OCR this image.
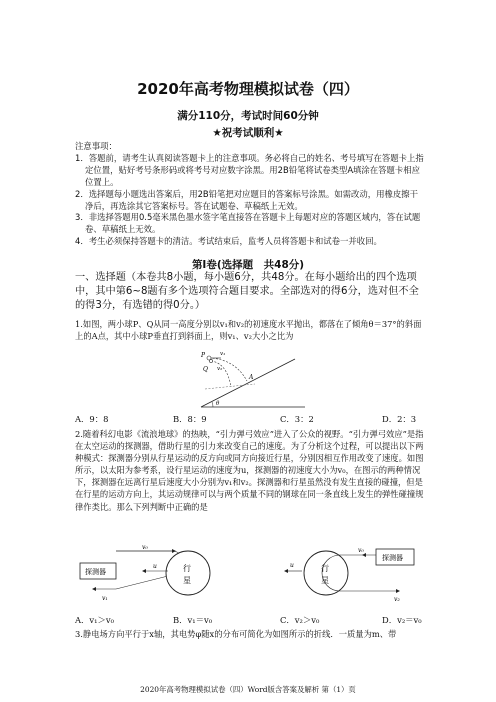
2020年高考物理模拟试卷（四）
满分110分，考试时间60分钟
★祝考试顺利★
注意事项：
1．答题前，请考生认真阅读答题卡上的注意事项。务必将自己的姓名、考号填写在答题卡上指定位置，贴好考号条形码或将考号对应数字涂黑。用2B铅笔将试卷类型A填涂在答题卡相应位置上。
2．选择题每小题选出答案后，用2B铅笔把对应题目的答案标号涂黑。如需改动，用橡皮擦干净后，再选涂其它答案标号。答在试题卷、草稿纸上无效。
3．非选择答题用0.5毫米黑色墨水签字笔直接答在答题卡上每题对应的答题区域内，答在试题卷、草稿纸上无效。
4．考生必须保持答题卡的清洁。考试结束后，监考人员将答题卡和试卷一并收回。
第Ⅰ卷(选择题　共48分)
一、选择题（本卷共8小题，每小题6分，共48分。在每小题给出的四个选项中，其中第6~8题有多个选项符合题目要求。全部选对的得6分，选对但不全的得3分，有选错的得0分。）
1.如图，两小球P、Q从同一高度分别以v₁和v₂的初速度水平抛出，都落在了倾角θ＝37°的斜面上的A点，其中小球P垂直打到斜面上，则v₁、v₂大小之比为
P	v₁
Q v₂
A
θ
A．9：8	B．8：9	C．3：2	D．2：3
2.随着科幻电影《流浪地球》的热映，“引力弹弓效应”进入了公众的视野。“引力弹弓效应”是指在太空运动的探测器，借助行星的引力来改变自己的速度。为了分析这个过程，可以提出以下两种模式：探测器分别从行星运动的反方向或同方向接近行星，分别因相互作用改变了速度。如图所示，以太阳为参考系，设行星运动的速度为u，探测器的初速度大小为v₀，在图示的两种情况下，探测器在远离行星后速度大小分别为v₁和v₂。探测器和行星虽然没有发生直接的碰撞，但是在行星的运动方向上，其运动规律可以与两个质量不同的钢球在同一条直线上发生的弹性碰撞规律作类比。那么下列判断中正确的是
探测器
v₀
v₁
行
星
u	行
星
u
v₀
v₂
探测器
A．v₁＞v₀	B．v₁＝v₀	C．v₂＞v₀	D．v₂＝v₀
3.静电场方向平行于x轴，其电势φ随x的分布可简化为如图所示的折线．一质量为m、带
2020年高考物理模拟试卷（四）Word版含答案及解析 第（1）页
